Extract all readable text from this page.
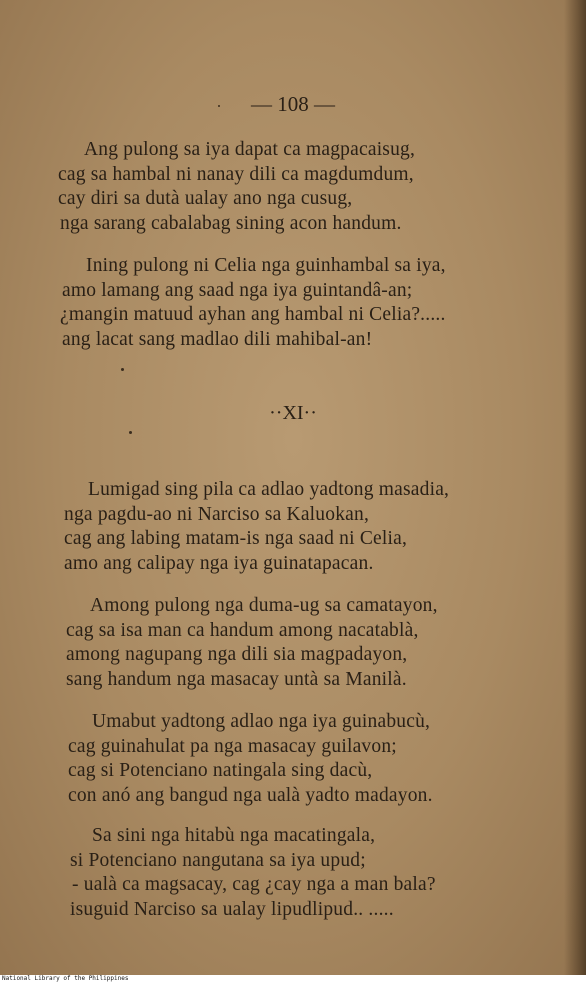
— 108 —
Ang pulong sa iya dapat ca magpacaisug,
cag sa hambal ni nanay dili ca magdumdum,
cay diri sa dutà ualay ano nga cusug,
nga sarang cabalabag sining acon handum.
Ining pulong ni Celia nga guinhambal sa iya,
amo lamang ang saad nga iya guintandâ-an;
¿mangin matuud ayhan ang hambal ni Celia?.....
ang lacat sang madlao dili mahibal-an!
··XI··
Lumigad sing pila ca adlao yadtong masadia,
nga pagdu-ao ni Narciso sa Kaluokan,
cag ang labing matam-is nga saad ni Celia,
amo ang calipay nga iya guinatapacan.
Among pulong nga duma-ug sa camatayon,
cag sa isa man ca handum among nacatablà,
among nagupang nga dili sia magpadayon,
sang handum nga masacay untà sa Manilà.
Umabut yadtong adlao nga iya guinabucù,
cag guinahulat pa nga masacay guilavon;
cag si Potenciano natingala sing dacù,
con anó ang bangud nga ualà yadto madayon.
Sa sini nga hitabù nga macatingala,
si Potenciano nangutana sa iya upud;
- ualà ca magsacay, cag ¿cay nga a man bala?
isuguid Narciso sa ualay lipudlipud.. .....
National Library of the Philippines
